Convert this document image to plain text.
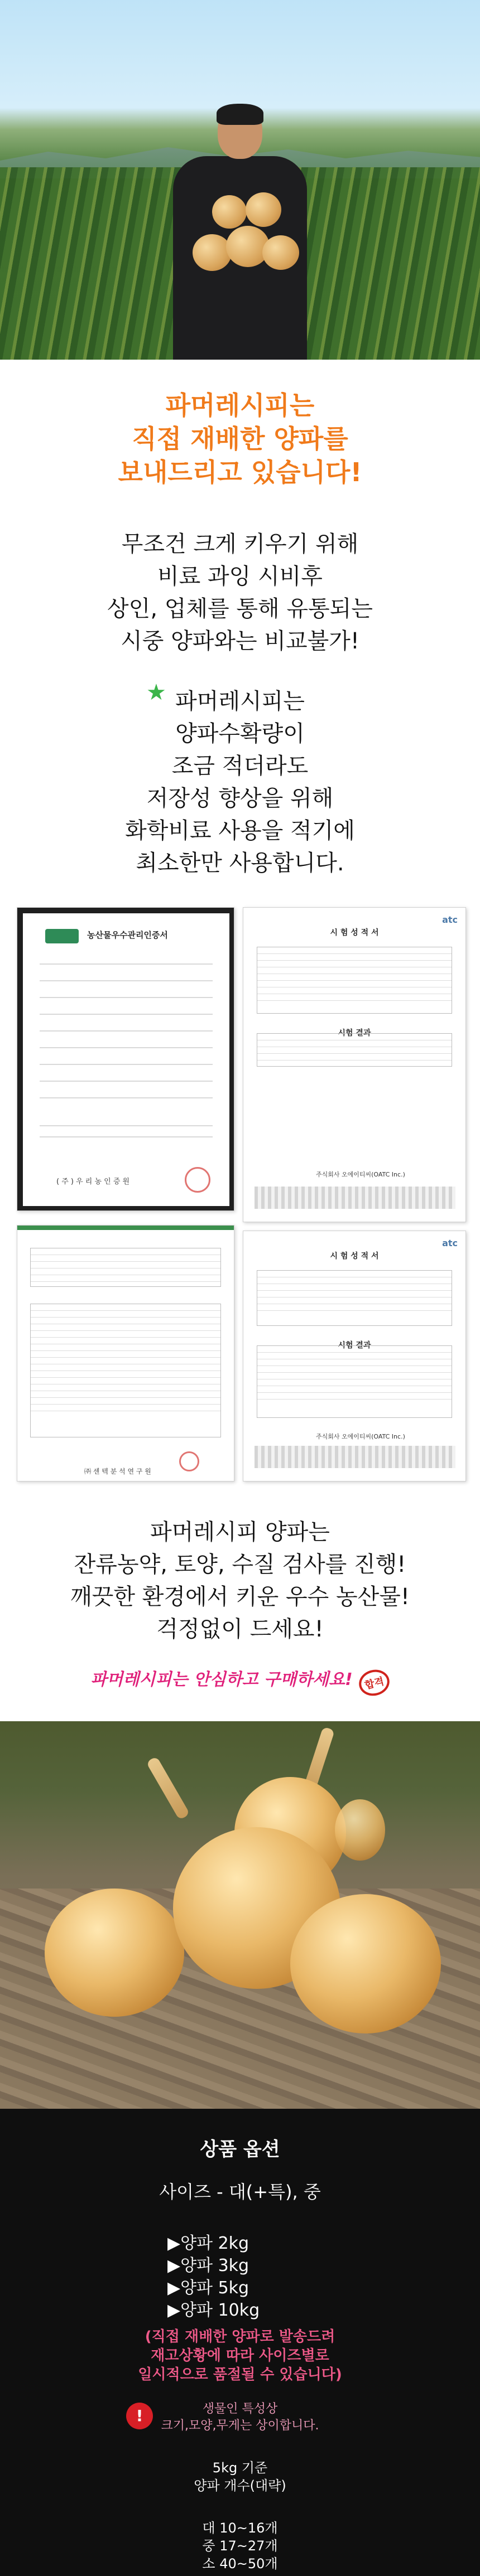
파머레시피는
직접 재배한 양파를
보내드리고 있습니다!
무조건 크게 키우기 위해
비료 과잉 시비후
상인, 업체를 통해 유통되는
시중 양파와는 비교불가!
★ 파머레시피는
양파수확량이
조금 적더라도
저장성 향상을 위해
화학비료 사용을 적기에
최소한만 사용합니다.
농산물우수관리인증서
( 주 ) 우 리 농 인 증 원
atc
시 험 성 적 서
시험 결과
주식회사 오에이티씨(OATC Inc.)
㈜ 센 텍 분 석 연 구 원
atc
시 험 성 적 서
시험 결과
주식회사 오에이티씨(OATC Inc.)
파머레시피 양파는
잔류농약, 토양, 수질 검사를 진행!
깨끗한 환경에서 키운 우수 농산물!
걱정없이 드세요!
파머레시피는 안심하고 구매하세요! 합격
상품 옵션
사이즈 - 대(+특), 중
▶양파 2kg
▶양파 3kg
▶양파 5kg
▶양파 10kg
!
(직접 재배한 양파로 발송드려
재고상황에 따라 사이즈별로
일시적으로 품절될 수 있습니다)
생물인 특성상
크기,모양,무게는 상이합니다.
5kg 기준
양파 개수(대략)
대 10~16개
중 17~27개
소 40~50개
